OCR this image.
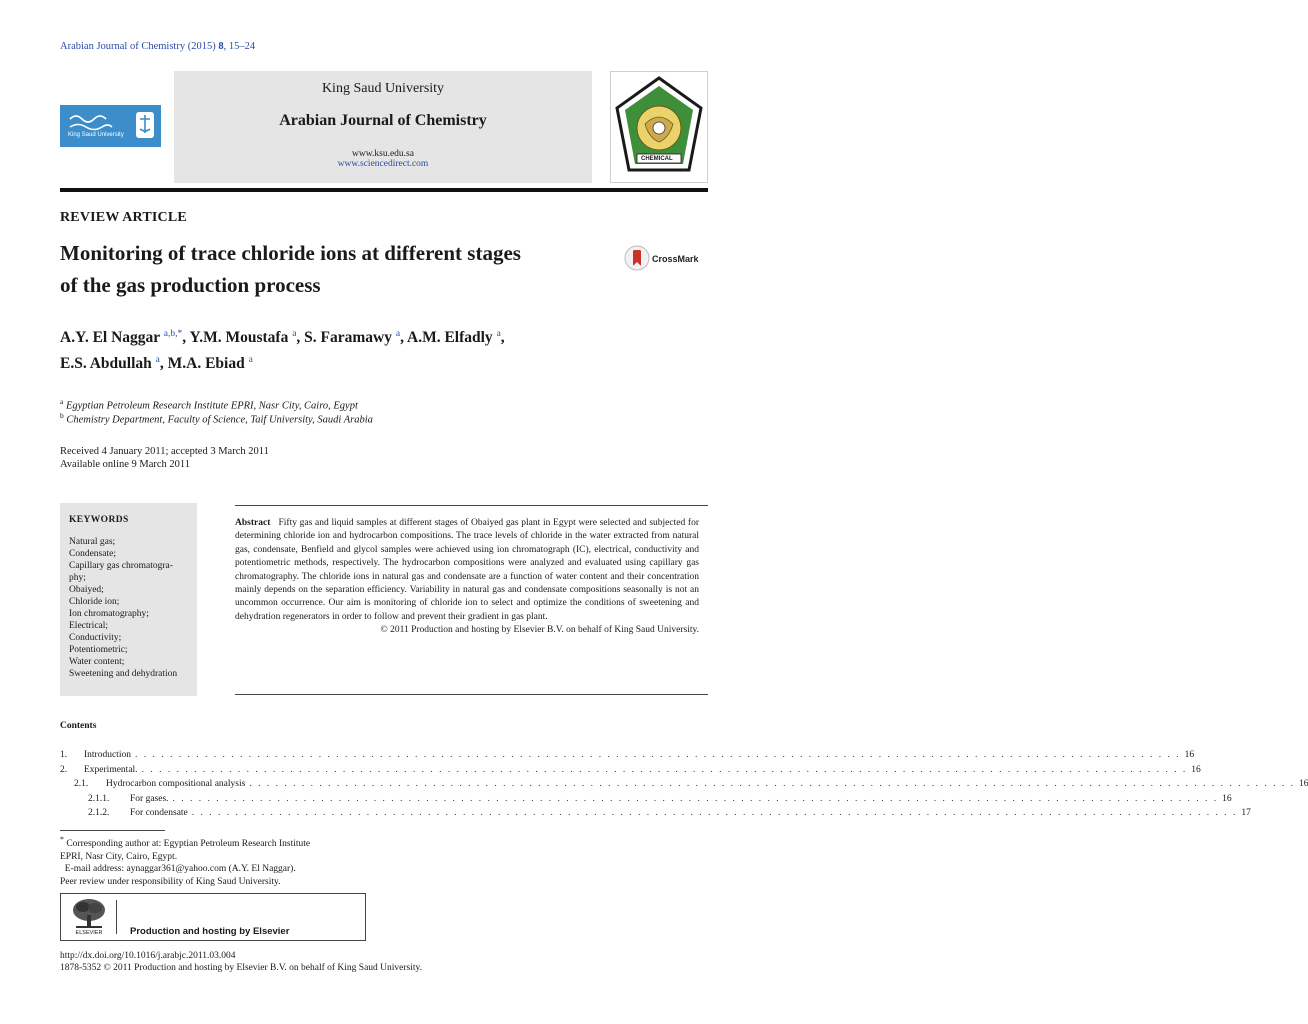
Arabian Journal of Chemistry (2015) 8, 15–24
King Saud University
King Saud University
Arabian Journal of Chemistry
www.ksu.edu.sa
www.sciencedirect.com	CHEMICAL
REVIEW ARTICLE
Monitoring of trace chloride ions at different stages
of the gas production process
CrossMark
A.Y. El Naggar $^{a,b,*}$, Y.M. Moustafa $^a$, S. Faramawy $^a$, A.M. Elfadly $^a$,
E.S. Abdullah $^a$, M.A. Ebiad $^a$
$^a$ Egyptian Petroleum Research Institute EPRI, Nasr City, Cairo, Egypt
$^b$ Chemistry Department, Faculty of Science, Taif University, Saudi Arabia
Received 4 January 2011; accepted 3 March 2011
Available online 9 March 2011
KEYWORDS
Natural gas;
Condensate;
Capillary gas chromatogra-
phy;
Obaiyed;
Chloride ion;
Ion chromatography;
Electrical;
Conductivity;
Potentiometric;
Water content;
Sweetening and dehydration
Abstract Fifty gas and liquid samples at different stages of Obaiyed gas plant in Egypt were selected and subjected for determining chloride ion and hydrocarbon compositions. The trace levels of chloride in the water extracted from natural gas, condensate, Benfield and glycol samples were achieved using ion chromatograph (IC), electrical, conductivity and potentiometric methods, respectively. The hydrocarbon compositions were analyzed and evaluated using capillary gas chromatography. The chloride ions in natural gas and condensate are a function of water content and their concentration mainly depends on the separation efficiency. Variability in natural gas and condensate compositions seasonally is not an uncommon occurrence. Our aim is monitoring of chloride ion to select and optimize the conditions of sweetening and dehydration regenerators in order to follow and prevent their gradient in gas plant.
© 2011 Production and hosting by Elsevier B.V. on behalf of King Saud University.
Contents
1.	Introduction . . . . . . . . . . . . . . . . . . . . . . . . . . . . . . . . . . . . . . . . . . . . . . . . . . . . . . . . . . . . . . . . . . . . . . . . . . . . . . . . . . . . . . . . . . . . . . . . . . . . . . . . . . . . . . . . . . . . . . . . 16
2.	Experimental. . . . . . . . . . . . . . . . . . . . . . . . . . . . . . . . . . . . . . . . . . . . . . . . . . . . . . . . . . . . . . . . . . . . . . . . . . . . . . . . . . . . . . . . . . . . . . . . . . . . . . . . . . . . . . . . . . . . . . . . . 16
2.1.	Hydrocarbon compositional analysis . . . . . . . . . . . . . . . . . . . . . . . . . . . . . . . . . . . . . . . . . . . . . . . . . . . . . . . . . . . . . . . . . . . . . . . . . . . . . . . . . . . . . . . . . . . . . . . . . . . . . . . . . . . . . . . . . . . . . . . . 16
2.1.1.	For gases. . . . . . . . . . . . . . . . . . . . . . . . . . . . . . . . . . . . . . . . . . . . . . . . . . . . . . . . . . . . . . . . . . . . . . . . . . . . . . . . . . . . . . . . . . . . . . . . . . . . . . . . . . . . . . . . . . . . . . . . . 16
2.1.2.	For condensate . . . . . . . . . . . . . . . . . . . . . . . . . . . . . . . . . . . . . . . . . . . . . . . . . . . . . . . . . . . . . . . . . . . . . . . . . . . . . . . . . . . . . . . . . . . . . . . . . . . . . . . . . . . . . . . . . . . . . . . . 17
* Corresponding author at: Egyptian Petroleum Research Institute
EPRI, Nasr City, Cairo, Egypt.
E-mail address: aynaggar361@yahoo.com (A.Y. El Naggar).
Peer review under responsibility of King Saud University.
ELSEVIER	Production and hosting by Elsevier
http://dx.doi.org/10.1016/j.arabjc.2011.03.004
1878-5352 © 2011 Production and hosting by Elsevier B.V. on behalf of King Saud University.
